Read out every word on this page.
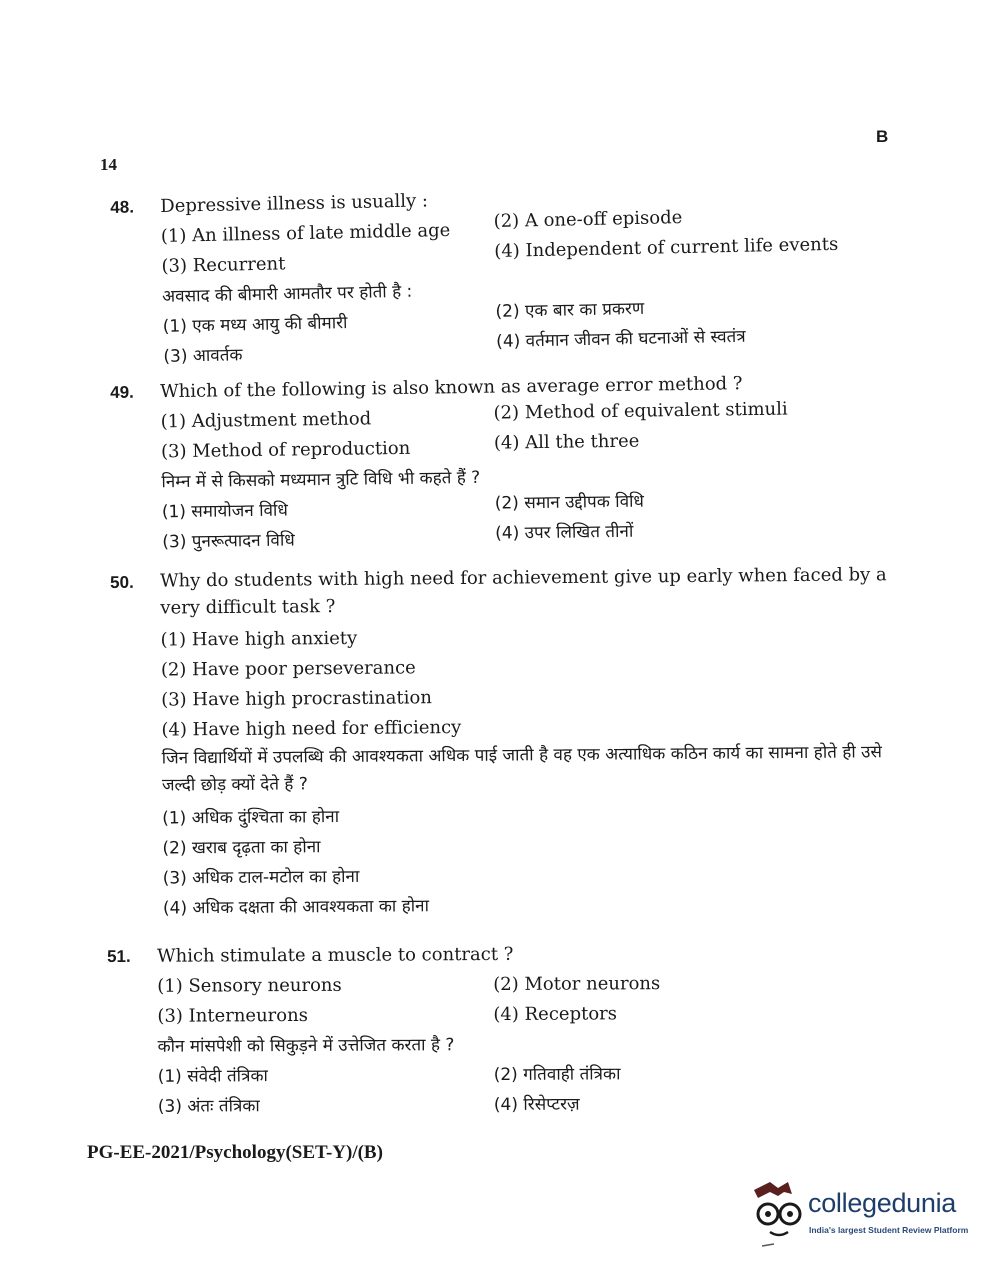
B
14
48. Depressive illness is usually :
(1) An illness of late middle age
(2) A one-off episode
(3) Recurrent
(4) Independent of current life events
अवसाद की बीमारी आमतौर पर होती है :
(1) एक मध्य आयु की बीमारी
(2) एक बार का प्रकरण
(3) आवर्तक
(4) वर्तमान जीवन की घटनाओं से स्वतंत्र
49. Which of the following is also known as average error method ?
(1) Adjustment method	(2) Method of equivalent stimuli
(3) Method of reproduction	(4) All the three
निम्न में से किसको मध्यमान त्रुटि विधि भी कहते हैं ?
(1) समायोजन विधि	(2) समान उद्दीपक विधि
(3) पुनरूत्पादन विधि	(4) उपर लिखित तीनों
50. Why do students with high need for achievement give up early when faced by a very difficult task ?
(1) Have high anxiety
(2) Have poor perseverance
(3) Have high procrastination
(4) Have high need for efficiency
जिन विद्यार्थियों में उपलब्धि की आवश्यकता अधिक पाई जाती है वह एक अत्याधिक कठिन कार्य का सामना होते ही उसे जल्दी छोड़ क्यों देते हैं ?
(1) अधिक दुंश्चिता का होना
(2) खराब दृढ़ता का होना
(3) अधिक टाल-मटोल का होना
(4) अधिक दक्षता की आवश्यकता का होना
51. Which stimulate a muscle to contract ?
(1) Sensory neurons	(2) Motor neurons
(3) Interneurons	(4) Receptors
कौन मांसपेशी को सिकुड़ने में उत्तेजित करता है ?
(1) संवेदी तंत्रिका	(2) गतिवाही तंत्रिका
(3) अंतः तंत्रिका	(4) रिसेप्टरज़
PG-EE-2021/Psychology(SET-Y)/(B)
collegedunia
India's largest Student Review Platform
